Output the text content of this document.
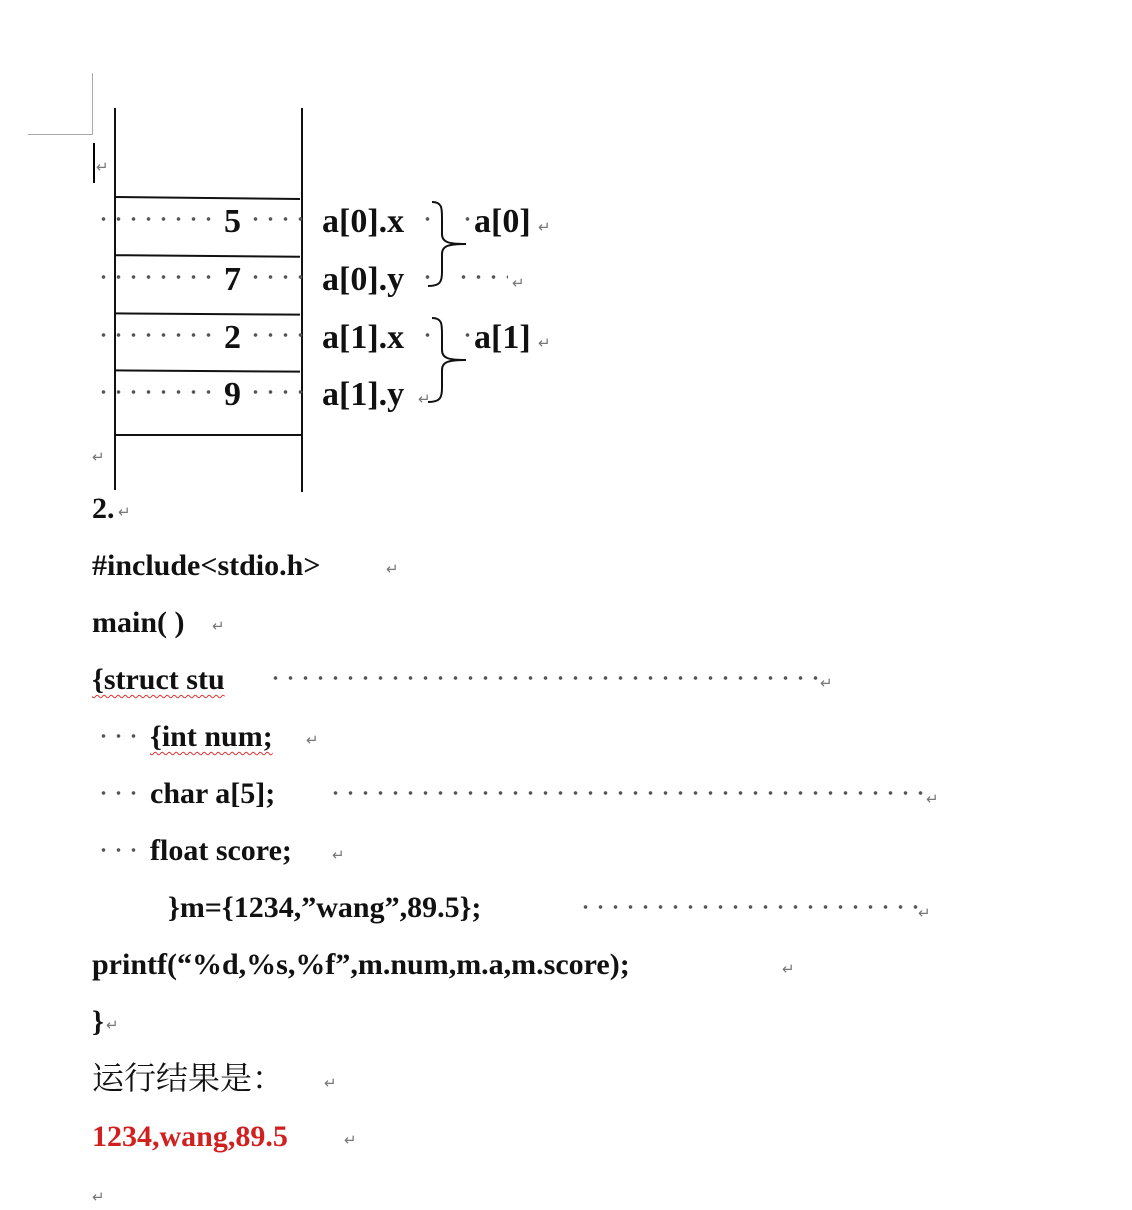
↵
5 a[0].x a[0] ↵
7 a[0].y	↵
2 a[1].x a[1] ↵
9 a[1].y ↵
↵
2. ↵
#include<stdio.h>	↵
main( ) ↵
{struct stu	↵
{int num; ↵
char a[5];	↵
float score;	↵
}m={1234,”wang”,89.5};	↵
printf(“%d,%s,%f”,m.num,m.a,m.score);	↵
} ↵
运行结果是：	↵
1234,wang,89.5	↵
↵
